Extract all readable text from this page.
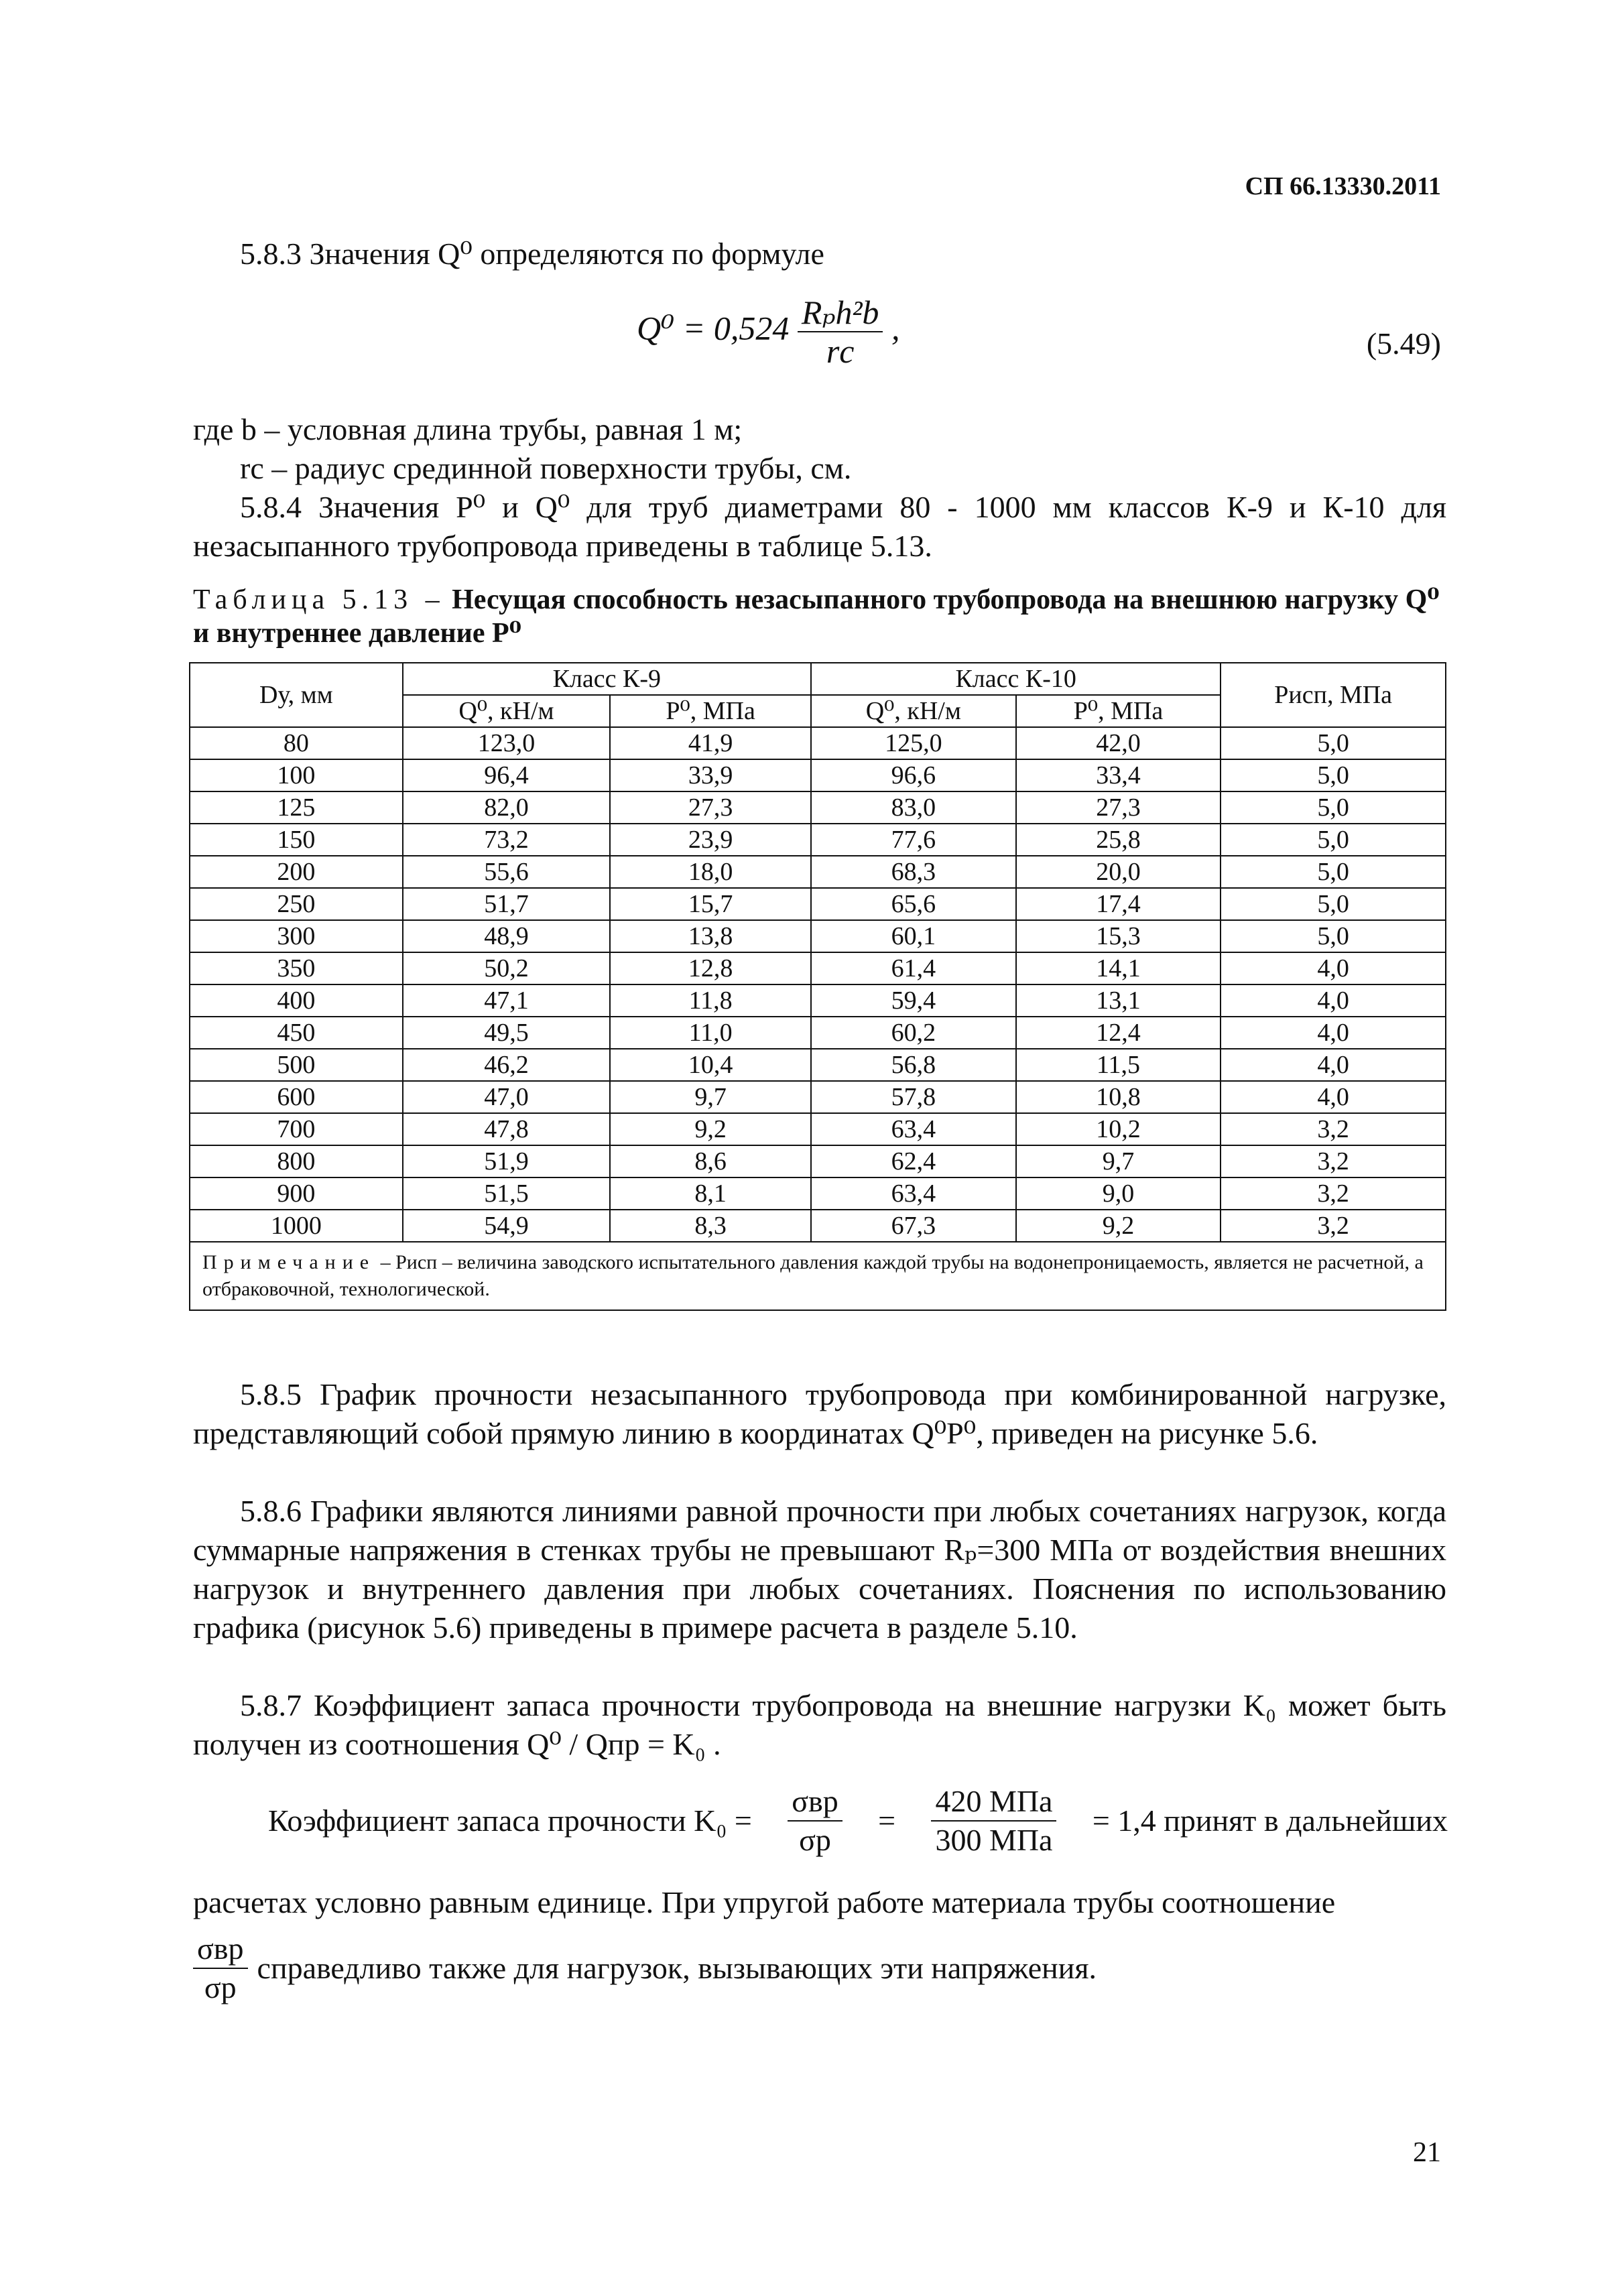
СП 66.13330.2011
5.8.3 Значения Q⁰ определяются по формуле
$Q^0 = 0,524 \frac{\text{Rₚh²b}}{rс}$ ,	(5.49)
где b – условная длина трубы, равная 1 м;
rс – радиус срединной поверхности трубы, см.
5.8.4 Значения P⁰ и Q⁰ для труб диаметрами 80 - 1000 мм классов К-9 и К-10 для незасыпанного трубопровода приведены в таблице 5.13.
Таблица 5.13 – Несущая способность незасыпанного трубопровода на внешнюю нагрузку Q⁰ и внутреннее давление P⁰
Dу, мм	Класс К-9		Класс К-10		Pисп, МПа
	Q⁰, кН/м	P⁰, МПа	Q⁰, кН/м	P⁰, МПа	
80	123,0	41,9	125,0	42,0	5,0
100	96,4	33,9	96,6	33,4	5,0
125	82,0	27,3	83,0	27,3	5,0
150	73,2	23,9	77,6	25,8	5,0
200	55,6	18,0	68,3	20,0	5,0
250	51,7	15,7	65,6	17,4	5,0
300	48,9	13,8	60,1	15,3	5,0
350	50,2	12,8	61,4	14,1	4,0
400	47,1	11,8	59,4	13,1	4,0
450	49,5	11,0	60,2	12,4	4,0
500	46,2	10,4	56,8	11,5	4,0
600	47,0	9,7	57,8	10,8	4,0
700	47,8	9,2	63,4	10,2	3,2
800	51,9	8,6	62,4	9,7	3,2
900	51,5	8,1	63,4	9,0	3,2
1000	54,9	8,3	67,3	9,2	3,2
Примечание – Pисп – величина заводского испытательного давления каждой трубы на водонепроницаемость, является не расчетной, а отбраковочной, технологической.					
5.8.5 График прочности незасыпанного трубопровода при комбинированной нагрузке, представляющий собой прямую линию в координатах Q⁰P⁰, приведен на рисунке 5.6.
5.8.6 Графики являются линиями равной прочности при любых сочетаниях нагрузок, когда суммарные напряжения в стенках трубы не превышают Rₚ=300 МПа от воздействия внешних нагрузок и внутреннего давления при любых сочетаниях. Пояснения по использованию графика (рисунок 5.6) приведены в примере расчета в разделе 5.10.
5.8.7 Коэффициент запаса прочности трубопровода на внешние нагрузки K₀ может быть получен из соотношения Q⁰ / Qпр = K₀ .
Коэффициент запаса прочности $K_0 = \frac{\text{σвр}}{\sigma р} = \frac{\text{420 МПа}}{\text{300 МПа}} = 1,4$ принят в дальнейших
расчетах условно равным единице. При упругой работе материала трубы соотношение
$\frac{\text{σвр}}{\sigma р}$ справедливо также для нагрузок, вызывающих эти напряжения.
21
